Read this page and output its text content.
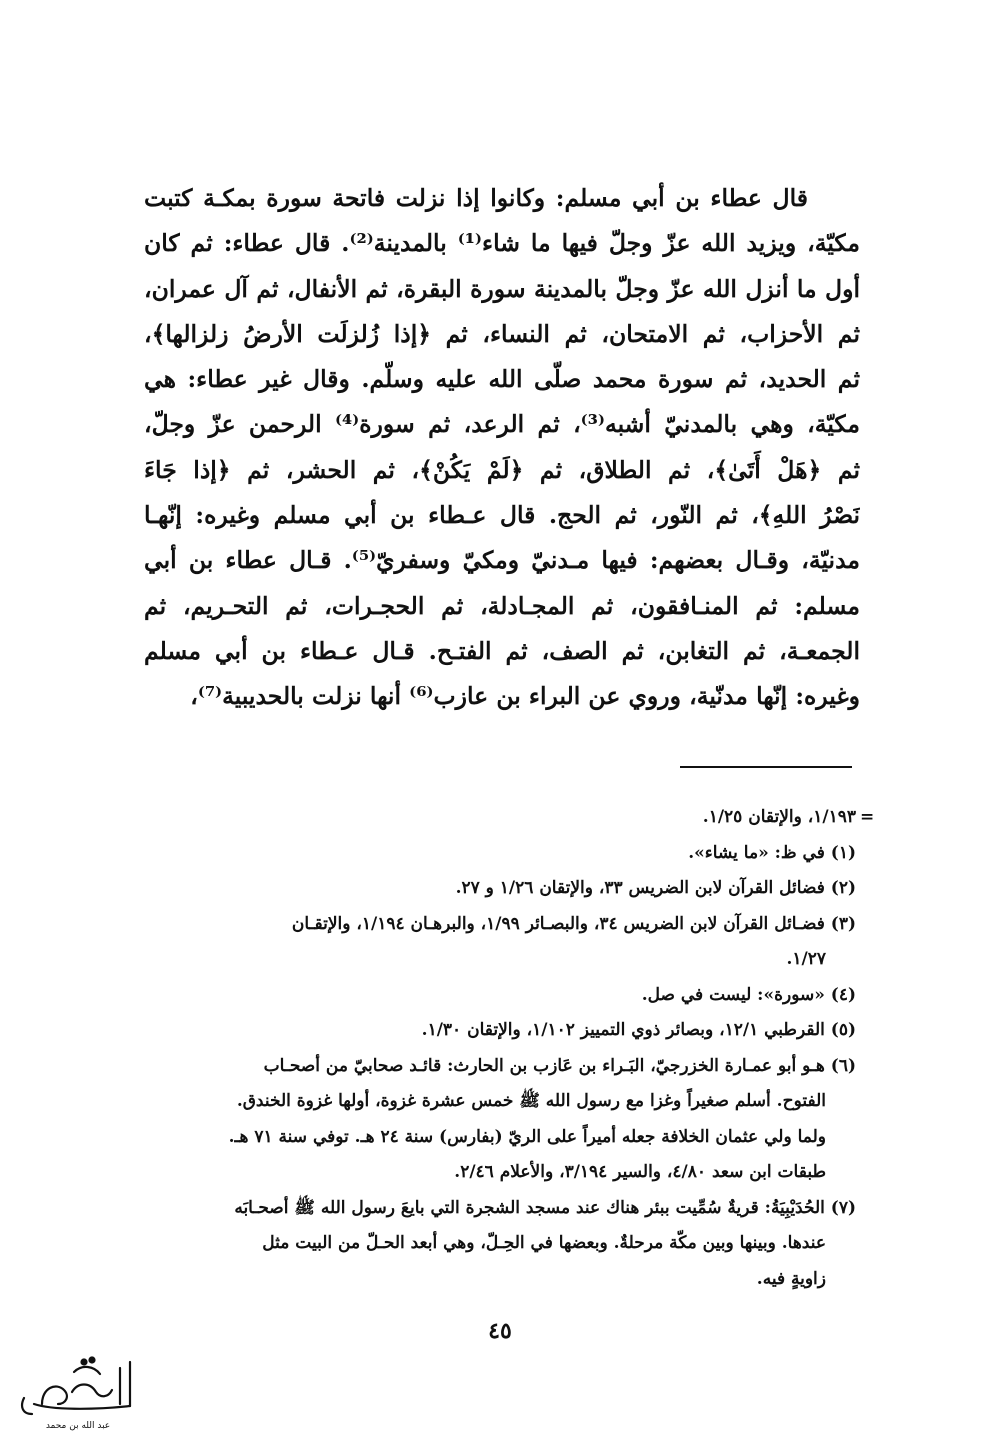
قال عطاء بن أبي مسلم: وكانوا إذا نزلت فاتحة سورة بمكـة كتبت
مكيّة، ويزيد الله عزّ وجلّ فيها ما شاء⁽¹⁾ بالمدينة⁽²⁾. قال عطاء: ثم كان
أول ما أنزل الله عزّ وجلّ بالمدينة سورة البقرة، ثم الأنفال، ثم آل عمران،
ثم الأحزاب، ثم الامتحان، ثم النساء، ثم ﴿إذا زُلزلَت الأرضُ زلزالها﴾،
ثم الحديد، ثم سورة محمد صلّى الله عليه وسلّم. وقال غير عطاء: هي
مكيّة، وهي بالمدنيّ أشبه⁽³⁾، ثم الرعد، ثم سورة⁽⁴⁾ الرحمن عزّ وجلّ،
ثم ﴿هَلْ أَتَىٰ﴾، ثم الطلاق، ثم ﴿لَمْ يَكُنْ﴾، ثم الحشر، ثم ﴿إذا جَاءَ
نَصْرُ اللهِ﴾، ثم النّور، ثم الحج. قال عـطاء بن أبي مسلم وغيره: إنّهـا
مدنيّة، وقـال بعضهم: فيها مـدنيّ ومكيّ وسفريّ⁽⁵⁾. قـال عطاء بن أبي
مسلم: ثم المنـافقون، ثم المجـادلة، ثم الحجـرات، ثم التحـريم، ثم
الجمعـة، ثم التغابن، ثم الصف، ثم الفتـح. قـال عـطاء بن أبي مسلم
وغيره: إنّها مدنّية، وروي عن البراء بن عازب⁽⁶⁾ أنها نزلت بالحديبية⁽⁷⁾،
=
١/١٩٣، والإتقان ١/٢٥.
(١) في ظ: «ما يشاء».
(٢) فضائل القرآن لابن الضريس ٣٣، والإتقان ١/٢٦ و ٢٧.
(٣) فضـائل القرآن لابن الضريس ٣٤، والبصـائر ١/٩٩، والبرهـان ١/١٩٤، والإتقـان
١/٢٧.
(٤) «سورة»: ليست في صل.
(٥) القرطبي ١٢/١، وبصائر ذوي التمييز ١/١٠٢، والإتقان ١/٣٠.
(٦) هـو أبو عمـارة الخزرجيّ، البَـراء بن عَازب بن الحارث: قائـد صحابيّ من أصحـاب
الفتوح. أسلم صغيراً وغزا مع رسول الله ﷺ خمس عشرة غزوة، أولها غزوة الخندق.
ولما ولي عثمان الخلافة جعله أميراً على الريّ (بفارس) سنة ٢٤ هـ. توفي سنة ٧١ هـ.
طبقات ابن سعد ٤/٨٠، والسير ٣/١٩٤، والأعلام ٢/٤٦.
(٧) الحُدَيْبِيَةُ: قريةٌ سُمِّيت ببئر هناك عند مسجد الشجرة التي بايعَ رسول الله ﷺ أصحـابَه
عندها. وبينها وبين مكّة مرحلةٌ. وبعضها في الحِـلّ، وهي أبعد الحـلّ من البيت مثل
زاويةٍ فيه.
٤٥
عبد الله بن محمد
